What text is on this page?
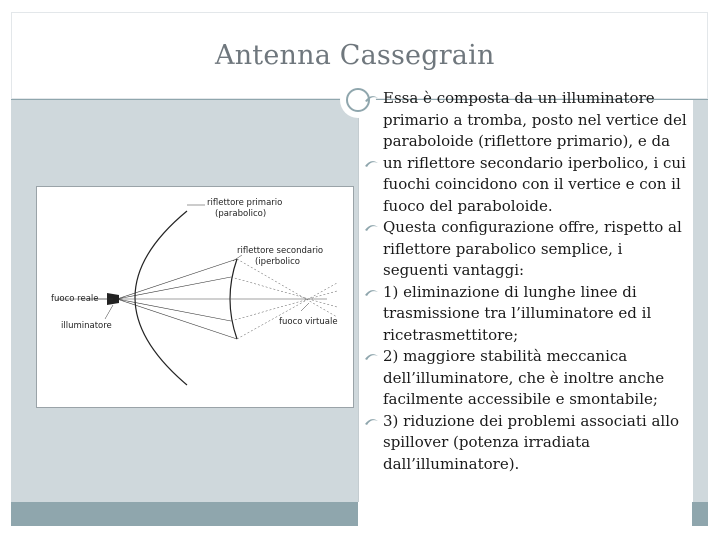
Antenna Cassegrain
Essa è composta da un illuminatore primario a tromba, posto nel vertice del paraboloide (riflettore primario), e da
un riflettore secondario iperbolico, i cui fuochi coincidono con il vertice e con il fuoco del paraboloide.
Questa configurazione offre, rispetto al riflettore parabolico semplice, i seguenti vantaggi:
1) eliminazione di lunghe linee di trasmissione tra l’illuminatore ed il ricetrasmettitore;
2) maggiore stabilità meccanica dell’illuminatore, che è inoltre anche facilmente accessibile e smontabile;
3) riduzione dei problemi associati allo spillover (potenza irradiata dall’illuminatore).
riflettore primario
(parabolico)
riflettore secondario
(iperbolico
fuoco reale
illuminatore	fuoco virtuale
